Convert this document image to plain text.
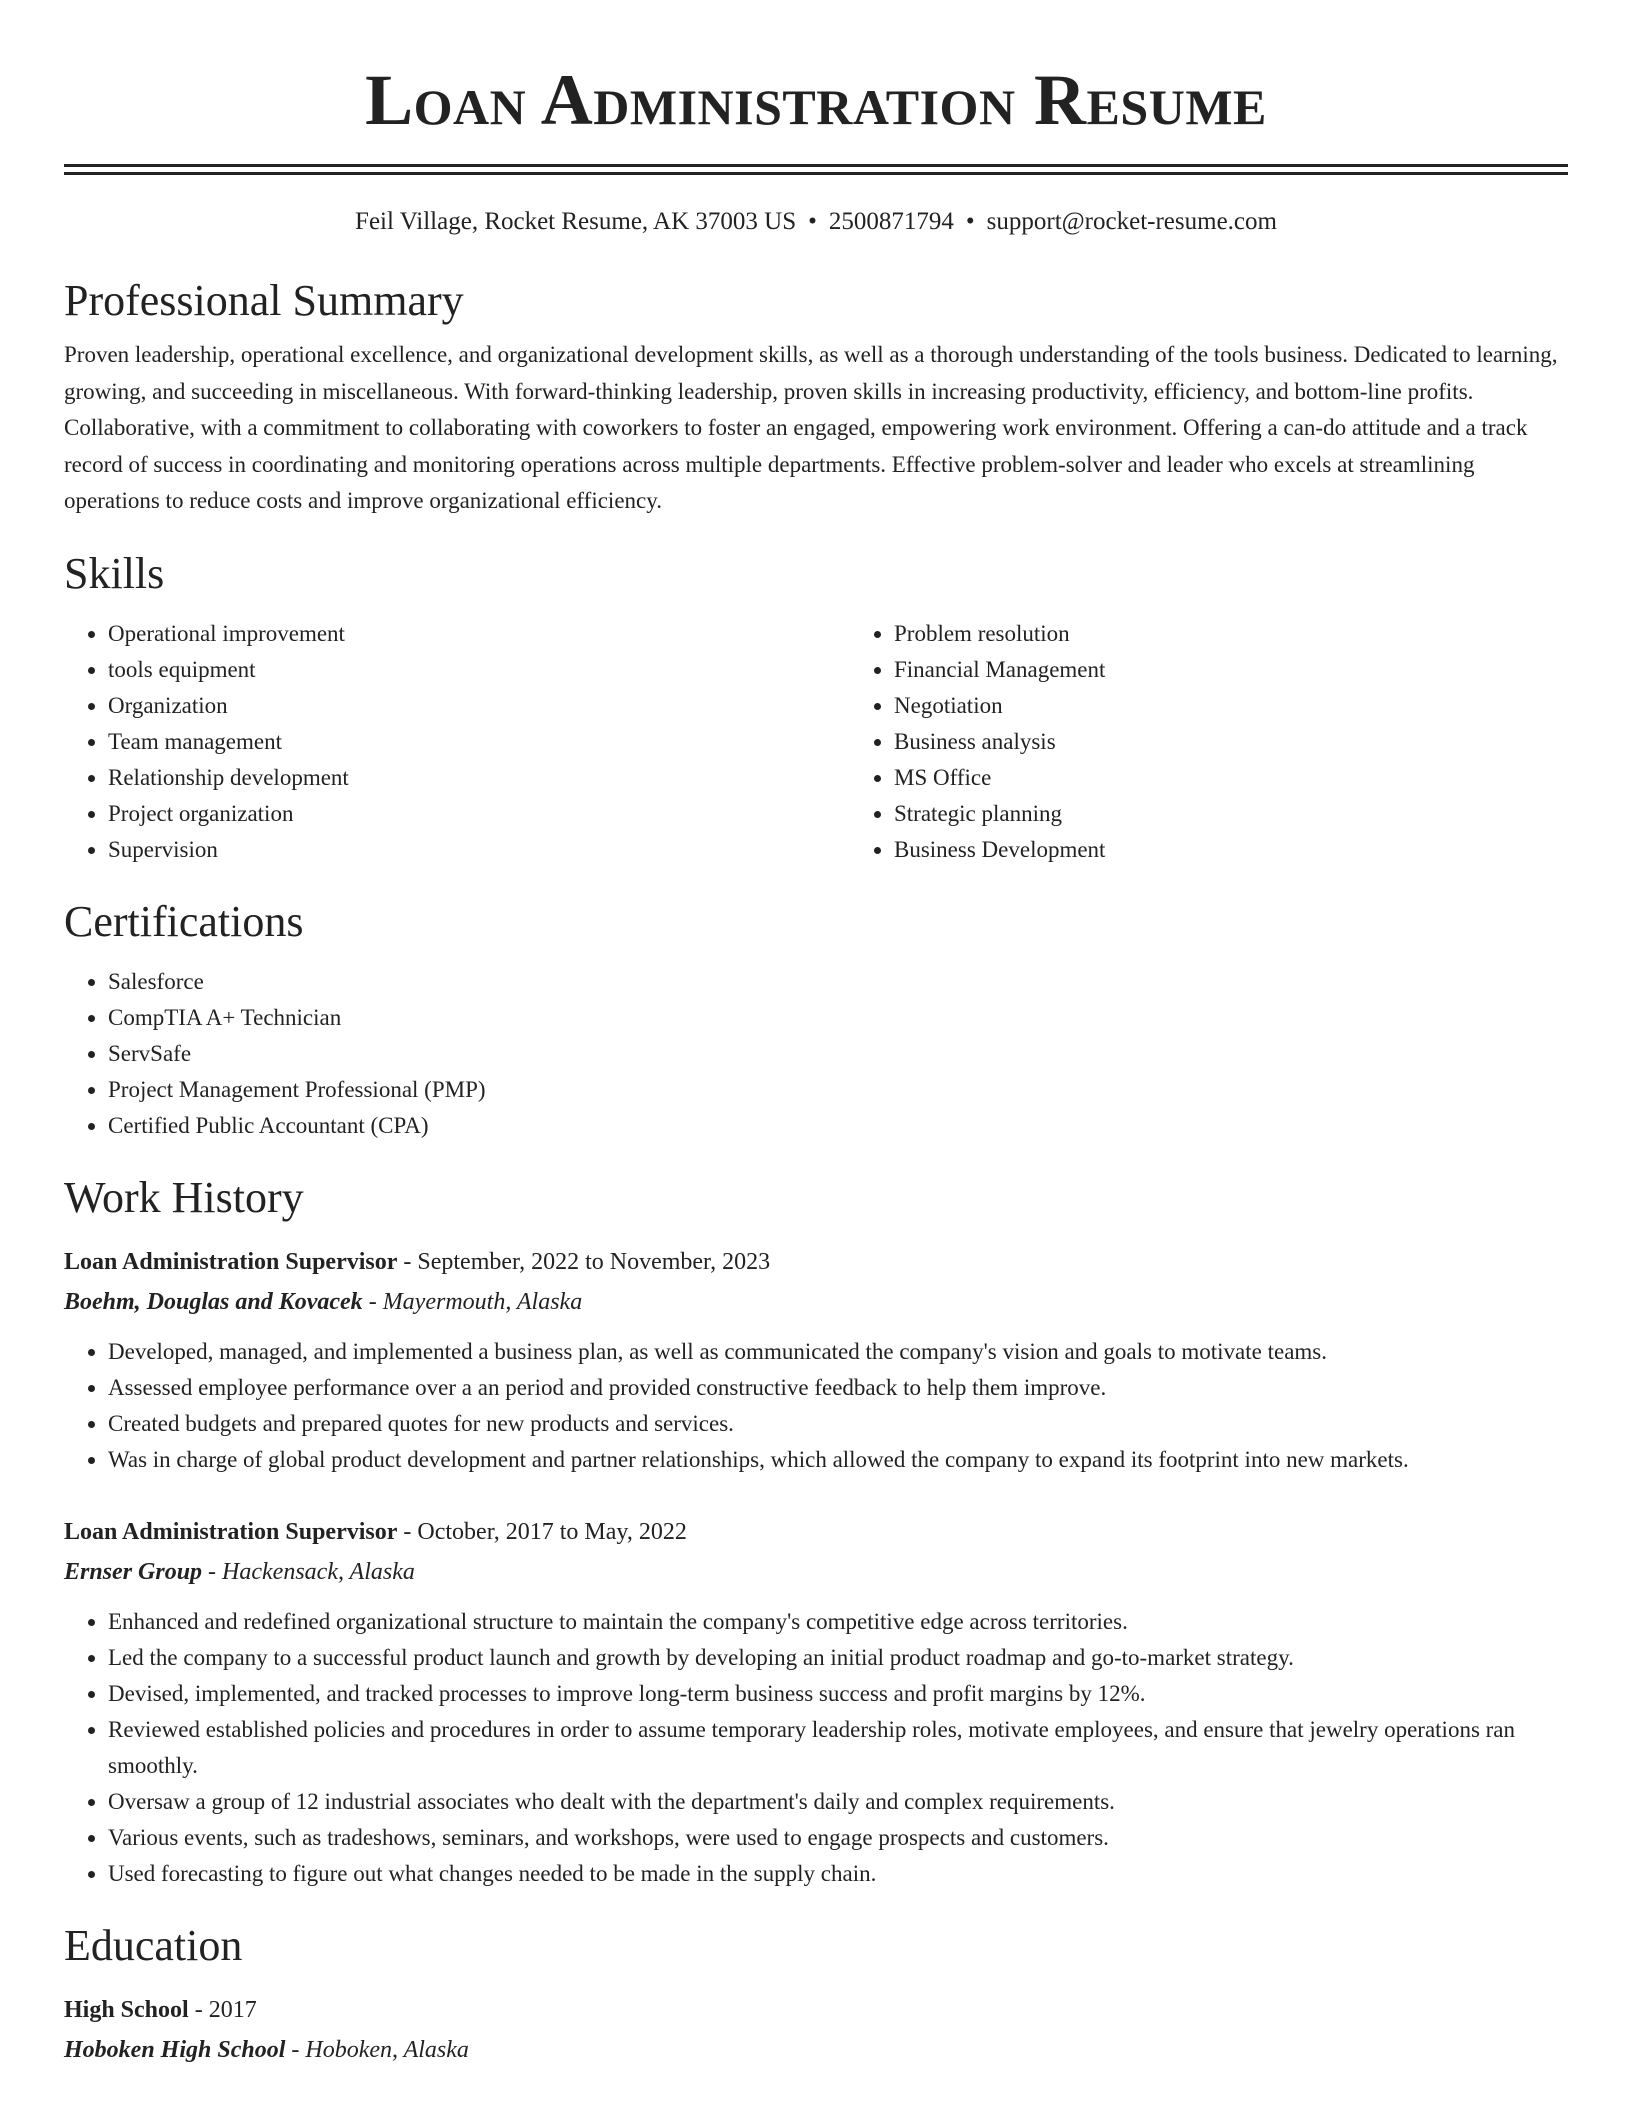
Loan Administration Resume
Feil Village, Rocket Resume, AK 37003 US • 2500871794 • support@rocket-resume.com
Professional Summary

Proven leadership, operational excellence, and organizational development skills, as well as a thorough understanding of the tools business. Dedicated to learning, growing, and succeeding in miscellaneous. With forward-thinking leadership, proven skills in increasing productivity, efficiency, and bottom-line profits. Collaborative, with a commitment to collaborating with coworkers to foster an engaged, empowering work environment. Offering a can-do attitude and a track record of success in coordinating and monitoring operations across multiple departments. Effective problem-solver and leader who excels at streamlining operations to reduce costs and improve organizational efficiency.

Skills
• Operational improvement
• tools equipment
• Organization
• Team management
• Relationship development
• Project organization
• Supervision
• Problem resolution
• Financial Management
• Negotiation
• Business analysis
• MS Office
• Strategic planning
• Business Development
Certifications
• Salesforce
• CompTIA A+ Technician
• ServSafe
• Project Management Professional (PMP)
• Certified Public Accountant (CPA)
Work History
Loan Administration Supervisor - September, 2022 to November, 2023
Boehm, Douglas and Kovacek - Mayermouth, Alaska
• Developed, managed, and implemented a business plan, as well as communicated the company's vision and goals to motivate teams.
• Assessed employee performance over a an period and provided constructive feedback to help them improve.
• Created budgets and prepared quotes for new products and services.
• Was in charge of global product development and partner relationships, which allowed the company to expand its footprint into new markets.
Loan Administration Supervisor - October, 2017 to May, 2022
Ernser Group - Hackensack, Alaska
• Enhanced and redefined organizational structure to maintain the company's competitive edge across territories.
• Led the company to a successful product launch and growth by developing an initial product roadmap and go-to-market strategy.
• Devised, implemented, and tracked processes to improve long-term business success and profit margins by 12%.
• Reviewed established policies and procedures in order to assume temporary leadership roles, motivate employees, and ensure that jewelry operations ran smoothly.
• Oversaw a group of 12 industrial associates who dealt with the department's daily and complex requirements.
• Various events, such as tradeshows, seminars, and workshops, were used to engage prospects and customers.
• Used forecasting to figure out what changes needed to be made in the supply chain.
Education
High School - 2017
Hoboken High School - Hoboken, Alaska
